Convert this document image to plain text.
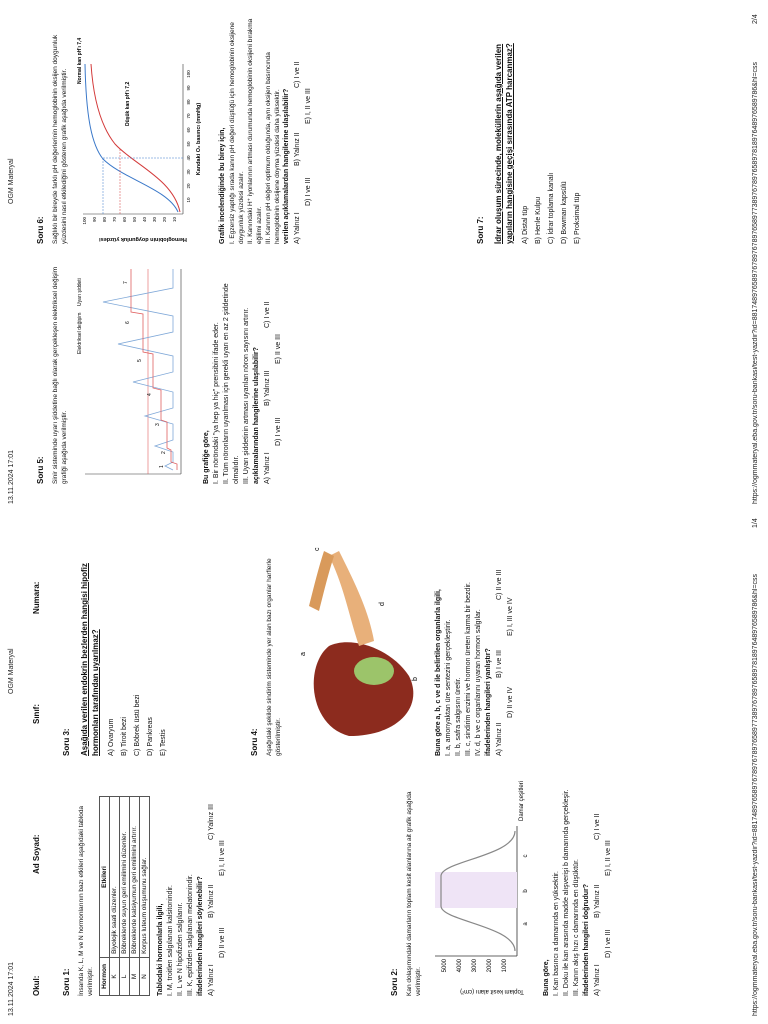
13.11.2024 17:01
OGM Materyal	https://ogmmateryal.eba.gov.tr/soru-bankasi/test-yazdir?id=881748976589767897678976589773897678976589781897648976589786&hl=css
1/4
13.11.2024 17:01
OGM Materyal	https://ogmmateryal.eba.gov.tr/soru-bankasi/test-yazdir?id=881748976589767897678976589773897678976589781897648976589786&hl=css
2/4
Okul:
Ad Soyad:
Sınıf:
Numara:
Soru 1: İnsanda K, L, M ve N hormonlarının bazı etkileri aşağıdaki tabloda verilmiştir. Hormon	Etkileri
K	Biyolojik saati düzenler.
L	Böbreklerde suyun geri emilimini düzenler.
M	Böbreklerde kalsiyumun geri emilimini artırır.
N	Korpus luteum oluşumunu sağlar. Tablodaki hormonlarla ilgili, I. M, troitlen salgılanan kalsitonindir. II. L ve N hipofizden salgılanır. III. K, epifizden salgılanan melatonindir. ifadelerinden hangileri söylenebilir? A) Yalnız I
B) Yalnız II
C) Yalnız III
D) II ve III
E) I, II ve III
Soru 2: Kan dolaşımındaki damarların toplam kesit alanlarına ait grafik aşağıda verilmiştir.	Toplam kesit alanı (cm²)
5000 4000 3000 2000 1000
a
b
c
Damar çeşitleri
Buna göre, I. Kan basıncı a damarında en yüksektir. II. Doku ile kan arasında madde alışverişi b damarında gerçekleşir. III. Kanın akış hızı c damarında en düşüktür. ifadelerinden hangileri doğrudur? A) Yalnız I
B) Yalnız II
C) I ve II
D) I ve III
E) I, II ve III
Soru 3: Aşağıda verilen endokrin bezlerden hangisi hipofiz hormonları tarafından uyarılmaz? A) Ovaryum B) Tiroit bezi C) Böbrek üstü bezi D) Pankreas E) Testis	Soru 4: Aşağıdaki şekilde sindirim sisteminde yer alan bazı organlar harflerle gösterilmiştir.
a
b
c
d	Buna göre a, b, c ve d ile belirtilen organlarla ilgili, I. a, amonyaktan üre sentezini gerçekleştirir. II. b, safra salgısını üretir. III. c, sindirim enzimi ve hormon üreten karma bir bezdir. IV. d, b ve c organlarını uyaran hormon salgılar. ifadelerinden hangileri yanlıştır? A) Yalnız II
B) I ve III
C) II ve III
D) II ve IV
E) I, III ve IV
Soru 5: Sinir sisteminde uyarı şiddetine bağlı olarak gerçekleşen elektriksel değişim grafiği aşağıda verilmiştir.
Elektriksel değişim
Uyarı şiddeti
1
2
3
4
5
6
7
Bu grafiğe göre, I. Bir nöröndaki "ya hep ya hiç" prensibini ifade eder. II. Tüm nöronların uyarılması için gerekli uyarı en az 2 şiddetinde olmalıdır. III. Uyarı şiddetinin artması uyarılan nöron sayısını artırır. açıklamalarından hangilerine ulaşılabilir? A) Yalnız I
B) Yalnız III
C) I ve II
D) I ve III
E) II ve III
Soru 6: Sağlıklı bir bireyde farklı pH değerlerinin hemoglobinin oksijen doygunluk yüzdesini nasıl etkilediğini gösteren grafik aşağıda verilmiştir.	Hemoglobinin doygunluk yüzdesi
100 90 80 70 60 50 40 30 20 10
10
20
30
40
50
60
70
80
90
100
Kandaki O₂ basıncı (mmHg)
Normal kan pH'ı 7,4
Düşük kan pH'ı 7,2
Grafik incelendiğinde bu birey için, I. Egzersiz yaptığı sırada kanın pH değeri düştüğü için hemoglobinin oksijene doygunluk yüzdesi azalır. II. Kanındaki H⁺ iyonlarının artması durumunda hemoglobinin oksijeni bırakma eğilimi azalır. III. Kanının pH değeri optimum olduğunda, aynı oksijen basıncında hemoglobinin oksijene doyma yüzdesi daha yüksektir. verilen açıklamalardan hangilerine ulaşılabilir? A) Yalnız I
B) Yalnız II
C) I ve II
D) I ve III
E) I, II ve III
Soru 7: İdrar oluşum sürecinde, moleküllerin aşağıda verilen yapıların hangisine geçişi sırasında ATP harcanmaz? A) Distal tüp B) Henle Kulpu C) İdrar toplama kanalı D) Bowman kapsülü E) Proksimal tüp
